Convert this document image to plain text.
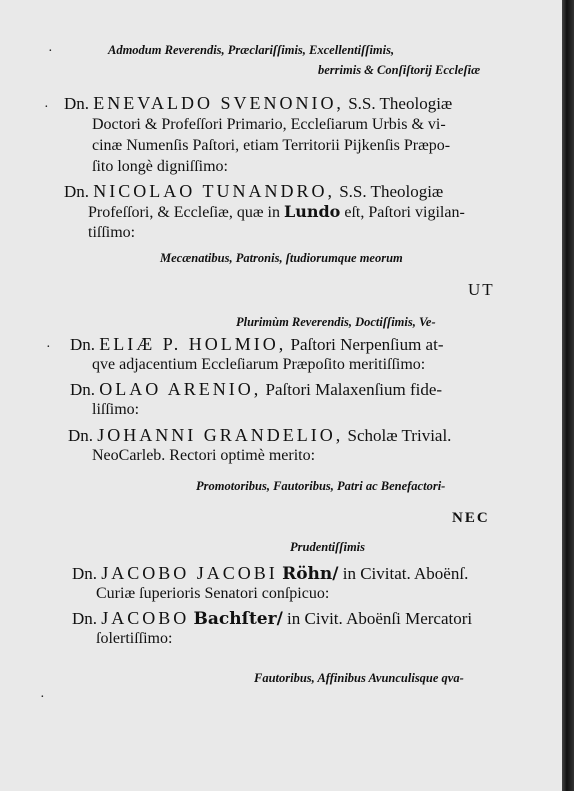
Admodum Reverendis, Præclariſſimis, Excellentiſſimis,
berrimis & Conſiſtorij Eccleſiæ
Dn. ENEVALDO SVENONIO, S.S. Theologiæ
Doctori & Profeſſori Primario, Eccleſiarum Urbis & vi-
cinæ Numenſis Paſtori, etiam Territorii Pijkenſis Præpo-
ſito longè digniſſimo:
Dn. NICOLAO TUNANDRO, S.S. Theologiæ
Profeſſori, & Eccleſiæ, quæ in Lundo eſt, Paſtori vigilan-
tiſſimo:
Mecænatibus, Patronis, ſtudiorumque meorum
UT
Plurimùm Reverendis, Doctiſſimis, Ve-
Dn. ELIÆ P. HOLMIO, Paſtori Nerpenſium at-
qve adjacentium Eccleſiarum Præpoſito meritiſſimo:
Dn. OLAO ARENIO, Paſtori Malaxenſium fide-
liſſimo:
Dn. JOHANNI GRANDELIO, Scholæ Trivial.
NeoCarleb. Rectori optimè merito:
Promotoribus, Fautoribus, Patri ac Benefactori-
NEC
Prudentiſſimis
Dn. JACOBO JACOBI Röhn/ in Civitat. Aboënſ.
Curiæ ſuperioris Senatori conſpicuo:
Dn. JACOBO Bachſter/ in Civit. Aboënſi Mercatori
ſolertiſſimo:
Fautoribus, Affinibus Avunculisque qva-
·
·
·
·
